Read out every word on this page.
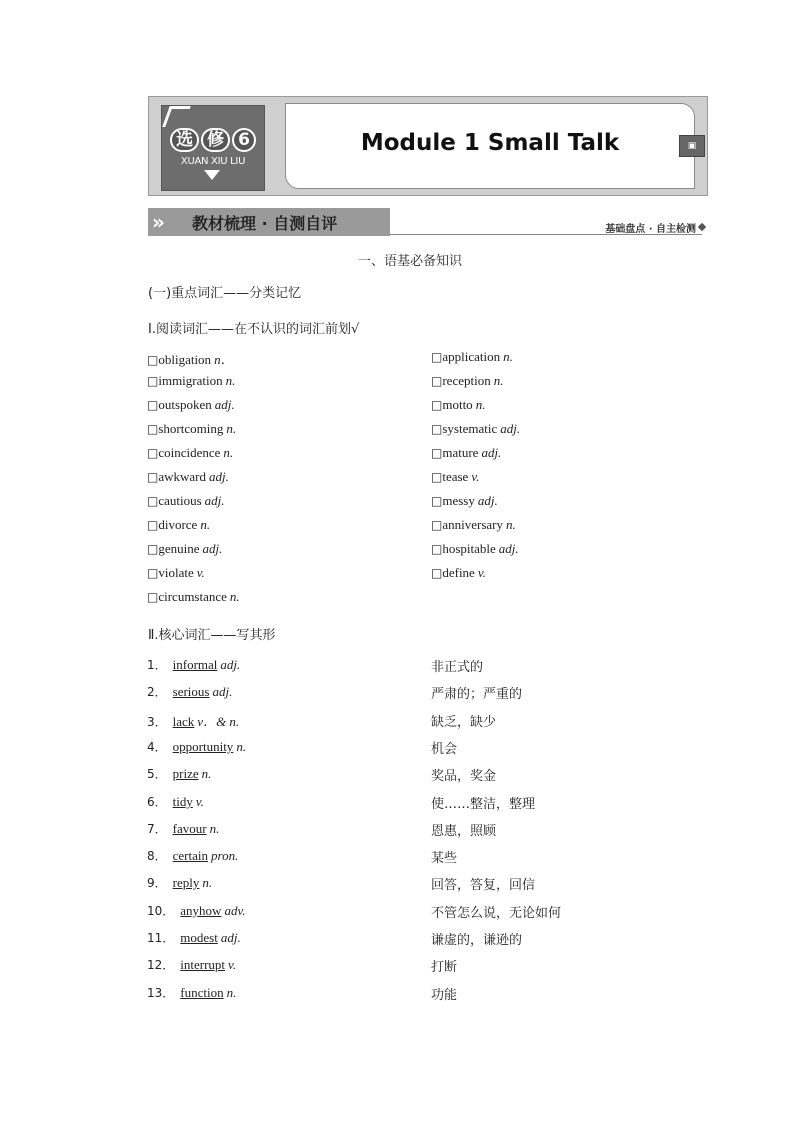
选 修 6
XUAN XIU LIU
Module 1 Small Talk	▣
» 教材梳理 · 自测自评	基础盘点 · 自主检测
一、语基必备知识
(一)重点词汇——分类记忆
Ⅰ.阅读词汇——在不认识的词汇前划√
□obligation n．
□immigration n.
□outspoken adj.
□shortcoming n.
□coincidence n.
□awkward adj.
□cautious adj.
□divorce n.
□genuine adj.
□violate v.
□circumstance n.
□application n.
□reception n.
□motto n.
□systematic adj.
□mature adj.
□tease v.
□messy adj.
□anniversary n.
□hospitable adj.
□define v.
Ⅱ.核心词汇——写其形
1． informal adj.	非正式的
2． serious adj.	严肃的；严重的
3． lack v．& n.	缺乏，缺少
4． opportunity n.	机会
5． prize n.	奖品，奖金
6． tidy v.	使……整洁，整理
7． favour n.	恩惠，照顾
8． certain pron.	某些
9． reply n.	回答，答复，回信
10． anyhow adv.	不管怎么说，无论如何
11． modest adj.	谦虚的，谦逊的
12． interrupt v.	打断
13． function n.	功能
